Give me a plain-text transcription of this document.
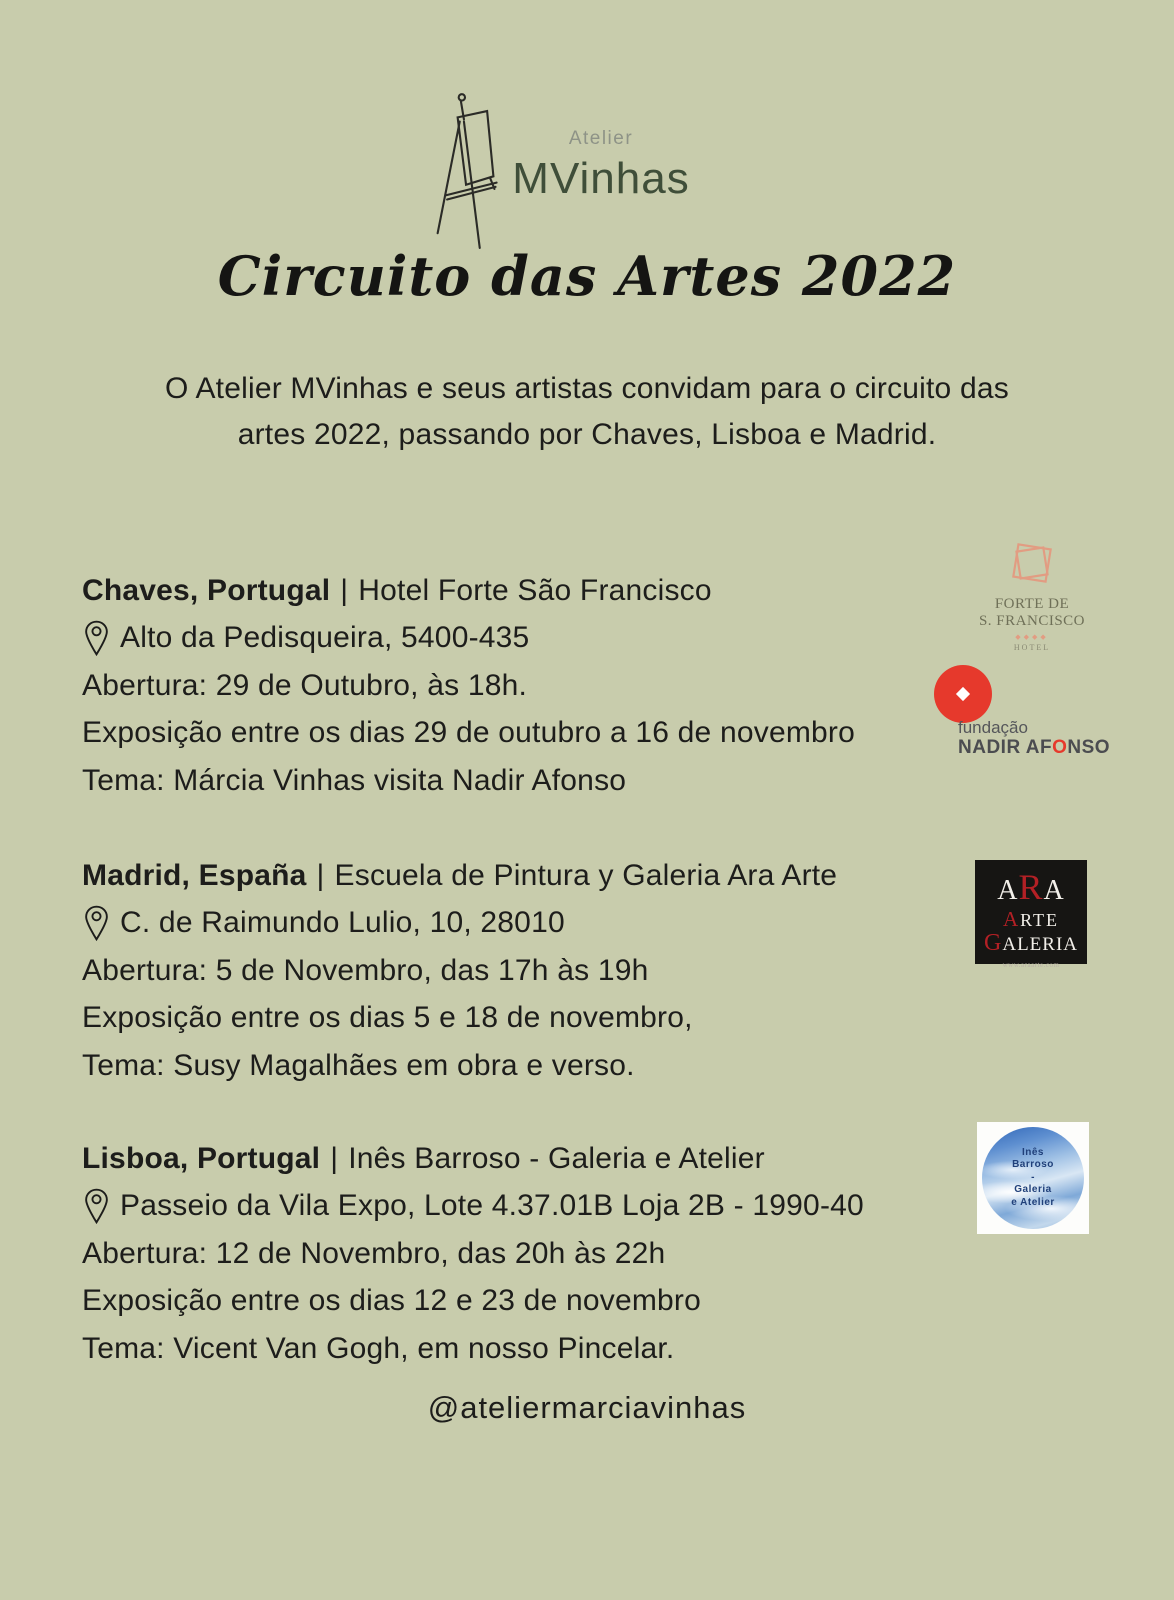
Atelier
MVinhas
Circuito das Artes 2022
O Atelier MVinhas e seus artistas convidam para o circuito das
artes 2022, passando por Chaves, Lisboa e Madrid.
Chaves, Portugal | Hotel Forte São Francisco
Alto da Pedisqueira, 5400-435
Abertura: 29 de Outubro, às 18h.
Exposição entre os dias 29 de outubro a 16 de novembro
Tema: Márcia Vinhas visita Nadir Afonso
Madrid, España | Escuela de Pintura y Galeria Ara Arte
C. de Raimundo Lulio, 10, 28010
Abertura: 5 de Novembro, das 17h às 19h
Exposição entre os dias 5 e 18 de novembro,
Tema: Susy Magalhães em obra e verso.
Lisboa, Portugal | Inês Barroso - Galeria e Atelier
Passeio da Vila Expo, Lote 4.37.01B Loja 2B - 1990-40
Abertura: 12 de Novembro, das 20h às 22h
Exposição entre os dias 12 e 23 de novembro
Tema: Vicent Van Gogh, em nosso Pincelar.
FORTE DE
S. FRANCISCO
◆◆◆◆
HOTEL
fundação
NADIR AFONSO
ARA
ARTE
GALERIA
www.araarte.com
Inês
Barroso
-
Galeria
e Atelier
@ateliermarciavinhas
